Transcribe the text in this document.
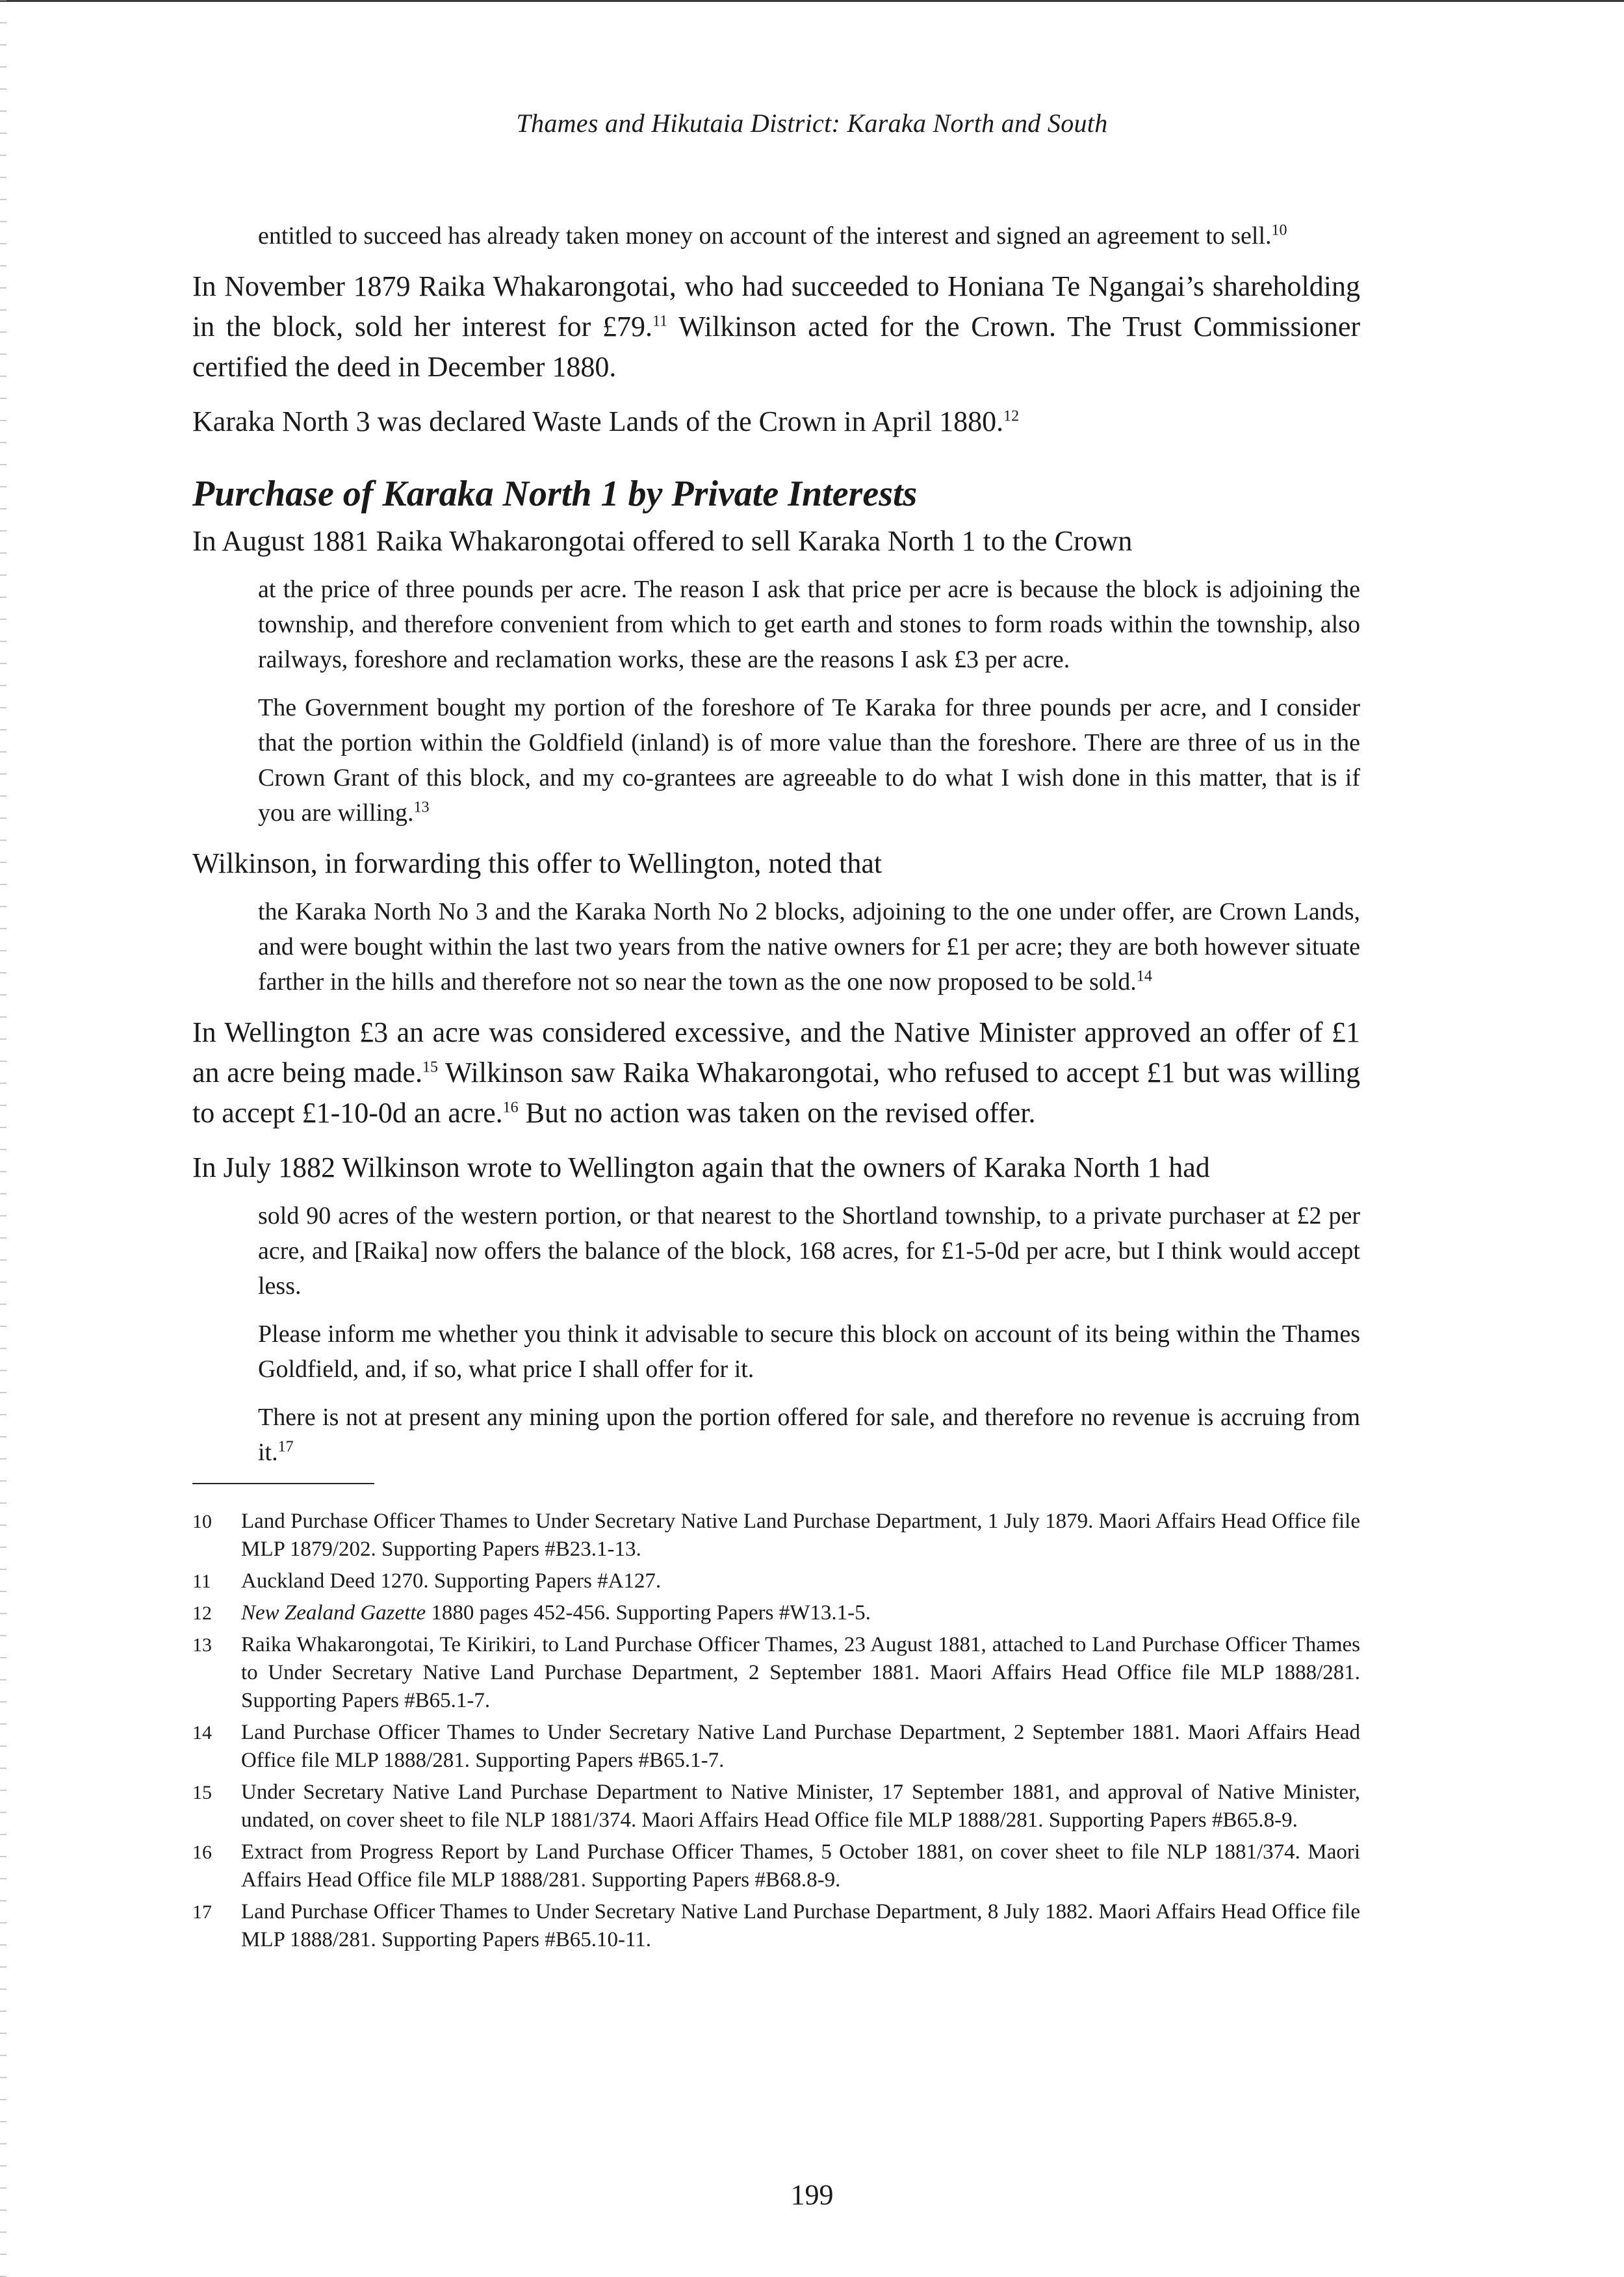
Thames and Hikutaia District: Karaka North and South

entitled to succeed has already taken money on account of the interest and signed an agreement to sell.$^{10}$

In November 1879 Raika Whakarongotai, who had succeeded to Honiana Te Ngangai’s shareholding in the block, sold her interest for £79.11 Wilkinson acted for the Crown. The Trust Commissioner certified the deed in December 1880.

Karaka North 3 was declared Waste Lands of the Crown in April 1880.12

Purchase of Karaka North 1 by Private Interests

In August 1881 Raika Whakarongotai offered to sell Karaka North 1 to the Crown

at the price of three pounds per acre. The reason I ask that price per acre is because the block is adjoining the township, and therefore convenient from which to get earth and stones to form roads within the township, also railways, foreshore and reclamation works, these are the reasons I ask £3 per acre.

The Government bought my portion of the foreshore of Te Karaka for three pounds per acre, and I consider that the portion within the Goldfield (inland) is of more value than the foreshore. There are three of us in the Crown Grant of this block, and my co-grantees are agreeable to do what I wish done in this matter, that is if you are willing.$^{13}$

Wilkinson, in forwarding this offer to Wellington, noted that

the Karaka North No 3 and the Karaka North No 2 blocks, adjoining to the one under offer, are Crown Lands, and were bought within the last two years from the native owners for £1 per acre; they are both however situate farther in the hills and therefore not so near the town as the one now proposed to be sold.$^{14}$

In Wellington £3 an acre was considered excessive, and the Native Minister approved an offer of £1 an acre being made.$^{15}$ Wilkinson saw Raika Whakarongotai, who refused to accept £1 but was willing to accept £1-10-0d an acre.$^{16}$ But no action was taken on the revised offer.

In July 1882 Wilkinson wrote to Wellington again that the owners of Karaka North 1 had

sold 90 acres of the western portion, or that nearest to the Shortland township, to a private purchaser at £2 per acre, and [Raika] now offers the balance of the block, 168 acres, for £1-5-0d per acre, but I think would accept less.

Please inform me whether you think it advisable to secure this block on account of its being within the Thames Goldfield, and, if so, what price I shall offer for it.

There is not at present any mining upon the portion offered for sale, and therefore no revenue is accruing from it.$^{17}$

10	Land Purchase Officer Thames to Under Secretary Native Land Purchase Department, 1 July 1879. Maori Affairs Head Office file MLP 1879/202. Supporting Papers #B23.1-13.
11	Auckland Deed 1270. Supporting Papers #A127.
12	New Zealand Gazette 1880 pages 452-456. Supporting Papers #W13.1-5.
13	Raika Whakarongotai, Te Kirikiri, to Land Purchase Officer Thames, 23 August 1881, attached to Land Purchase Officer Thames to Under Secretary Native Land Purchase Department, 2 September 1881. Maori Affairs Head Office file MLP 1888/281. Supporting Papers #B65.1-7.
14	Land Purchase Officer Thames to Under Secretary Native Land Purchase Department, 2 September 1881. Maori Affairs Head Office file MLP 1888/281. Supporting Papers #B65.1-7.
15	Under Secretary Native Land Purchase Department to Native Minister, 17 September 1881, and approval of Native Minister, undated, on cover sheet to file NLP 1881/374. Maori Affairs Head Office file MLP 1888/281. Supporting Papers #B65.8-9.
16	Extract from Progress Report by Land Purchase Officer Thames, 5 October 1881, on cover sheet to file NLP 1881/374. Maori Affairs Head Office file MLP 1888/281. Supporting Papers #B68.8-9.
17	Land Purchase Officer Thames to Under Secretary Native Land Purchase Department, 8 July 1882. Maori Affairs Head Office file MLP 1888/281. Supporting Papers #B65.10-11.
199
